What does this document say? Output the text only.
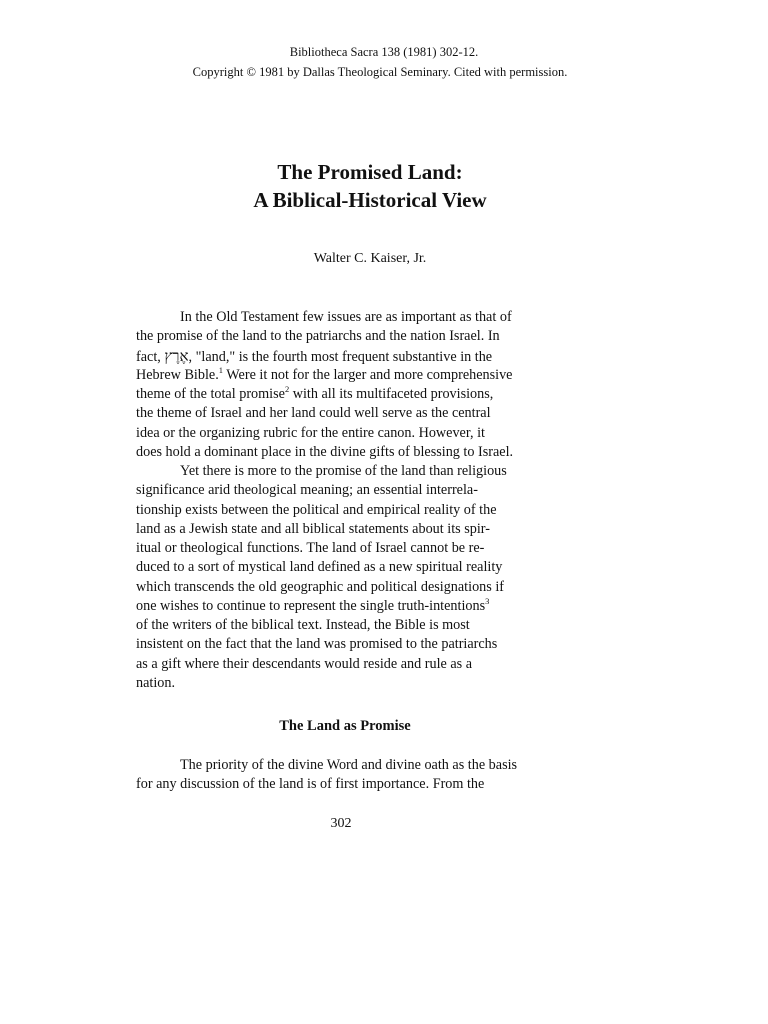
Bibliotheca Sacra 138 (1981) 302-12.
Copyright © 1981 by Dallas Theological Seminary. Cited with permission.
The Promised Land:
A Biblical-Historical View
Walter C. Kaiser, Jr.
In the Old Testament few issues are as important as that of
the promise of the land to the patriarchs and the nation Israel. In
fact, אֶרֶץ, "land," is the fourth most frequent substantive in the
Hebrew Bible.$^1$ Were it not for the larger and more comprehensive
theme of the total promise$^2$ with all its multifaceted provisions,
the theme of Israel and her land could well serve as the central
idea or the organizing rubric for the entire canon. However, it
does hold a dominant place in the divine gifts of blessing to Israel.
Yet there is more to the promise of the land than religious
significance arid theological meaning; an essential interrela-
tionship exists between the political and empirical reality of the
land as a Jewish state and all biblical statements about its spir-
itual or theological functions. The land of Israel cannot be re-
duced to a sort of mystical land defined as a new spiritual reality
which transcends the old geographic and political designations if
one wishes to continue to represent the single truth-intentions$^3$
of the writers of the biblical text. Instead, the Bible is most
insistent on the fact that the land was promised to the patriarchs
as a gift where their descendants would reside and rule as a
nation.
The Land as Promise
The priority of the divine Word and divine oath as the basis
for any discussion of the land is of first importance. From the
302
